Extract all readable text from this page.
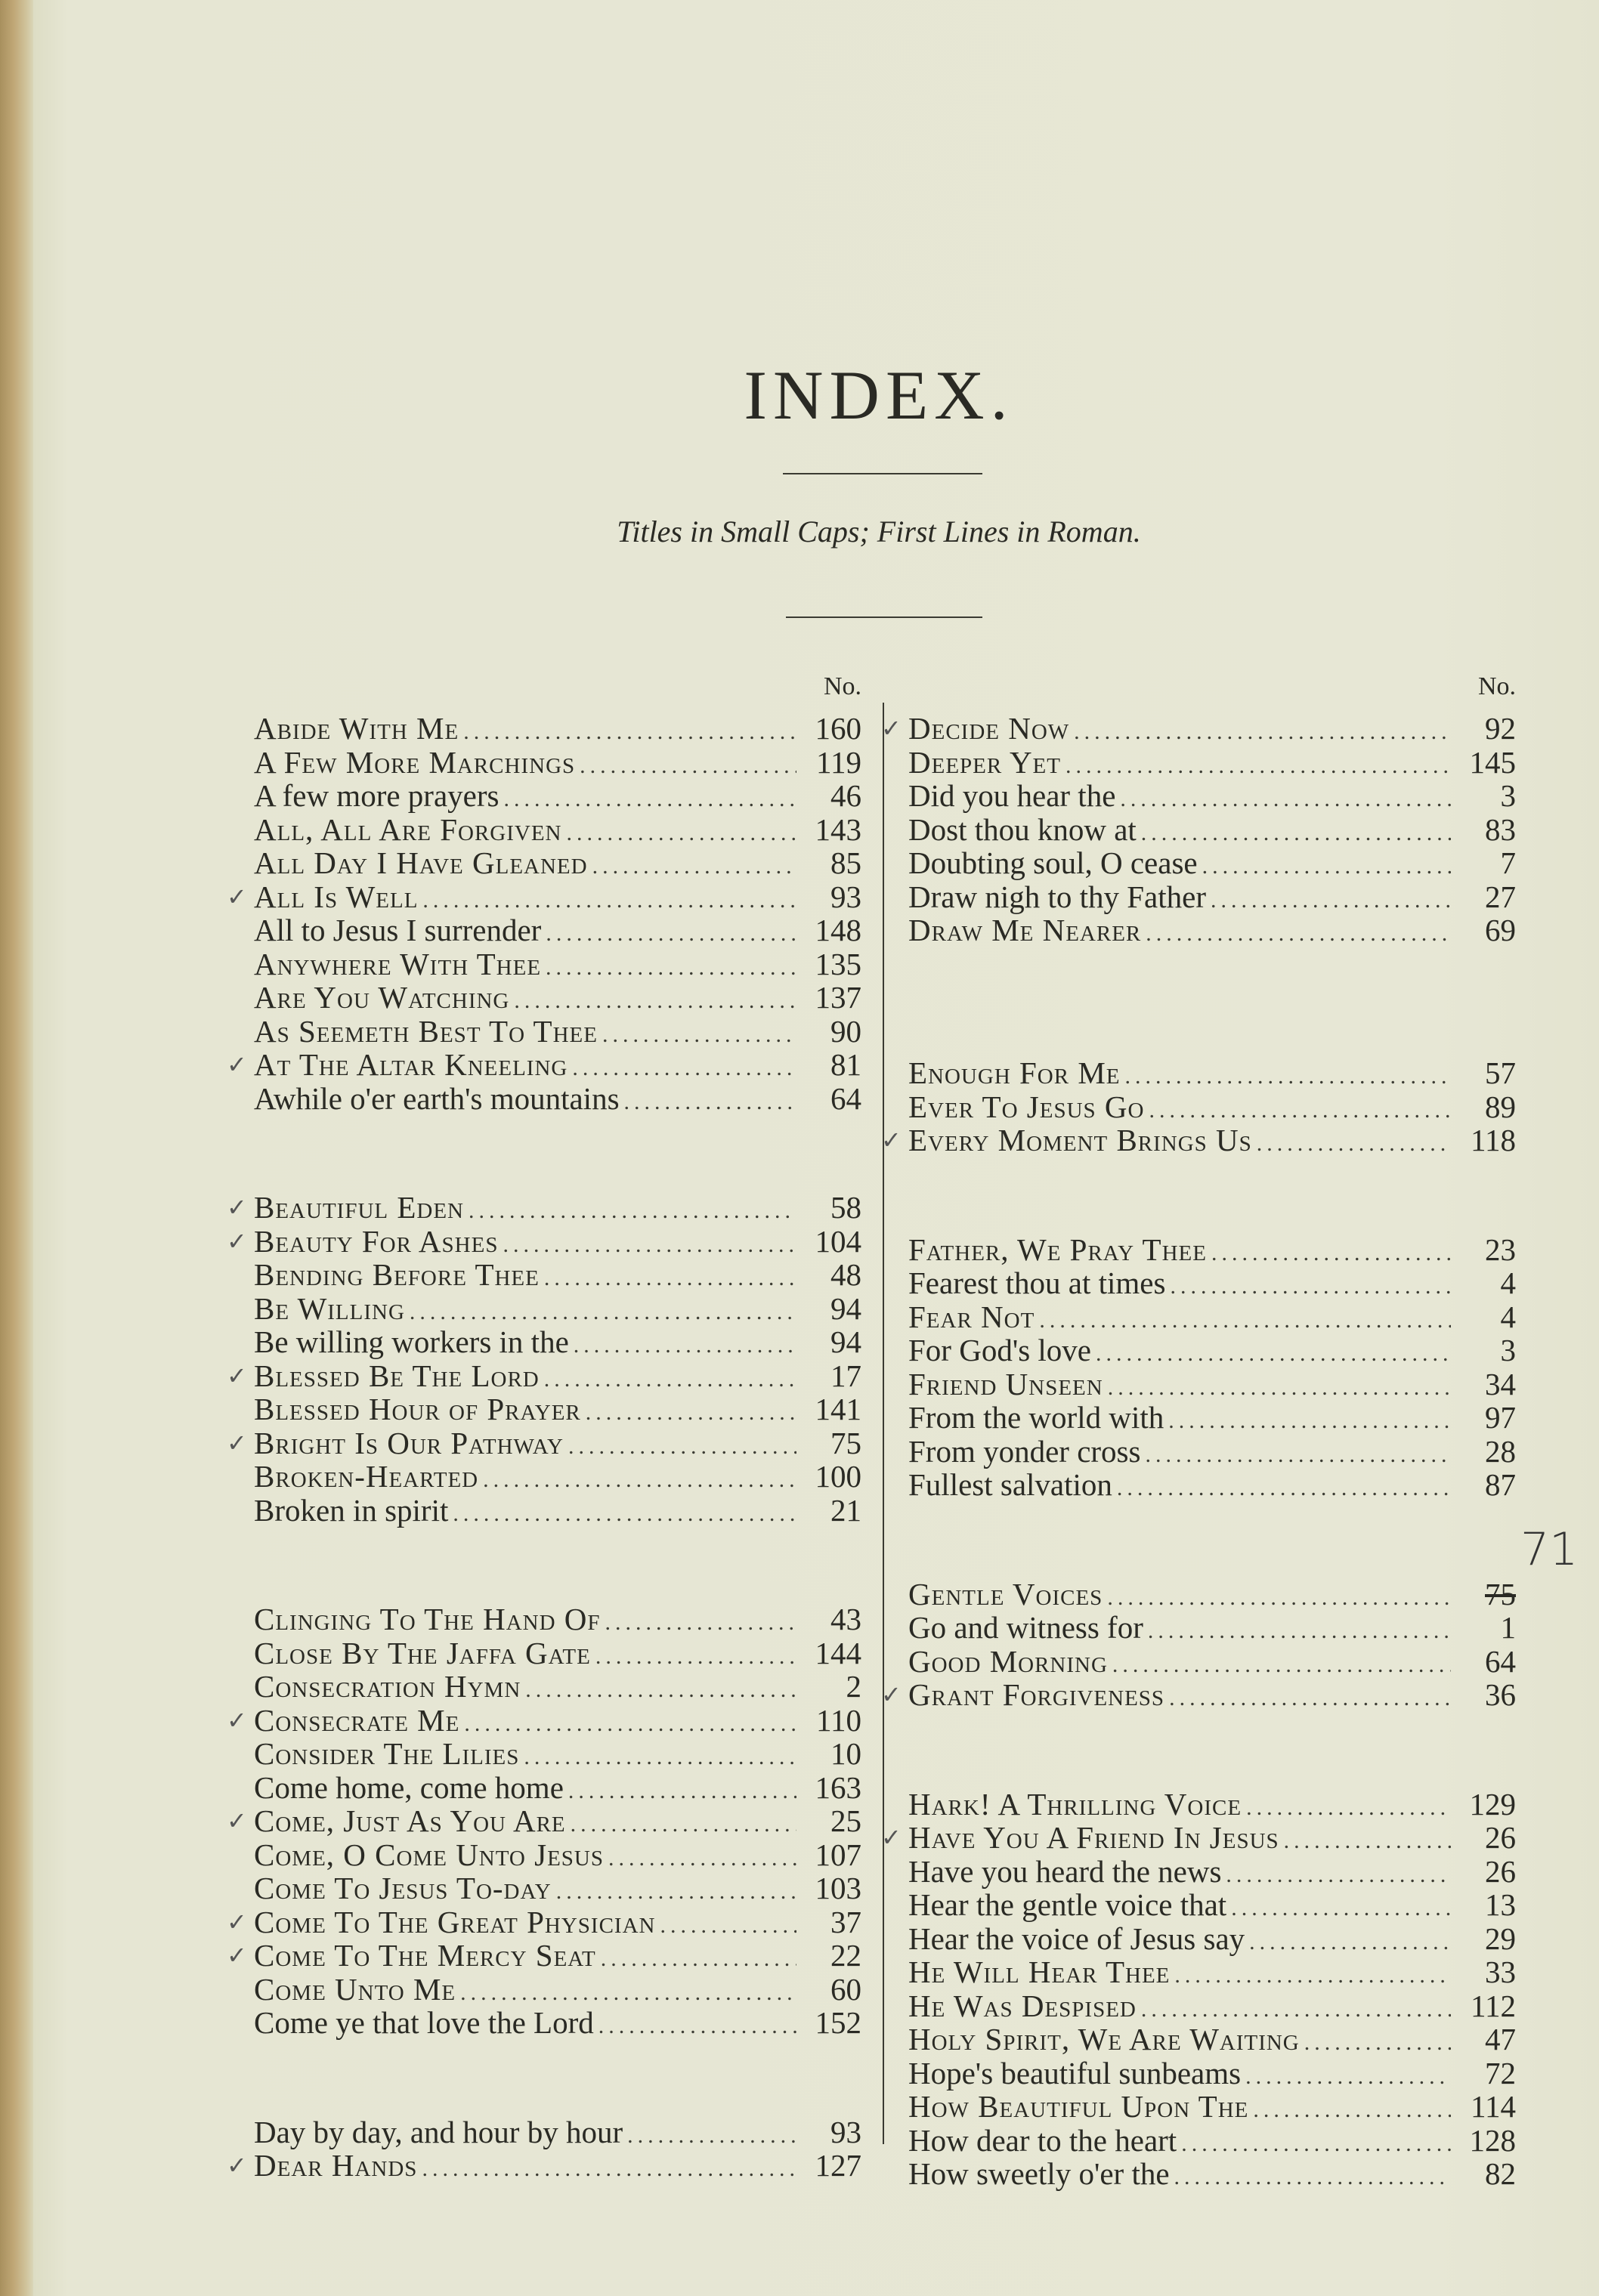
INDEX.
Titles in Small Caps; First Lines in Roman.
No.
Abide With Me .....	160
A Few More Marchings .....	119
A few more prayers .....	46
All, All Are Forgiven .....	143
All Day I Have Gleaned .....	85
✓ All Is Well .....	93
All to Jesus I surrender .....	148
Anywhere With Thee .....	135
Are You Watching .....	137
As Seemeth Best To Thee .....	90
✓ At The Altar Kneeling .....	81
Awhile o'er earth's mountains .....	64
✓ Beautiful Eden .....	58
✓ Beauty For Ashes .....	104
Bending Before Thee .....	48
Be Willing .....	94
Be willing workers in the .....	94
✓ Blessed Be The Lord .....	17
Blessed Hour of Prayer .....	141
✓ Bright Is Our Pathway .....	75
Broken-Hearted .....	100
Broken in spirit .....	21
Clinging To The Hand Of .....	43
Close By The Jaffa Gate .....	144
Consecration Hymn .....	2
✓ Consecrate Me .....	110
Consider The Lilies .....	10
Come home, come home .....	163
✓ Come, Just As You Are .....	25
Come, O Come Unto Jesus .....	107
Come To Jesus To-day .....	103
✓ Come To The Great Physician .....	37
✓ Come To The Mercy Seat .....	22
Come Unto Me .....	60
Come ye that love the Lord .....	152
Day by day, and hour by hour .....	93
✓ Dear Hands .....	127
No.
✓ Decide Now .....	92
Deeper Yet .....	145
Did you hear the .....	3
Dost thou know at .....	83
Doubting soul, O cease .....	7
Draw nigh to thy Father .....	27
Draw Me Nearer .....	69
Enough For Me .....	57
Ever To Jesus Go .....	89
✓ Every Moment Brings Us .....	118
Father, We Pray Thee .....	23
Fearest thou at times .....	4
Fear Not .....	4
For God's love .....	3
Friend Unseen .....	34
From the world with .....	97
From yonder cross .....	28
Fullest salvation .....	87
Gentle Voices .....	75
Go and witness for .....	1
Good Morning .....	64
✓ Grant Forgiveness .....	36
Hark! A Thrilling Voice .....	129
✓ Have You A Friend In Jesus .....	26
Have you heard the news .....	26
Hear the gentle voice that .....	13
Hear the voice of Jesus say .....	29
He Will Hear Thee .....	33
He Was Despised .....	112
Holy Spirit, We Are Waiting .....	47
Hope's beautiful sunbeams .....	72
How Beautiful Upon The .....	114
How dear to the heart .....	128
How sweetly o'er the .....	82
71
